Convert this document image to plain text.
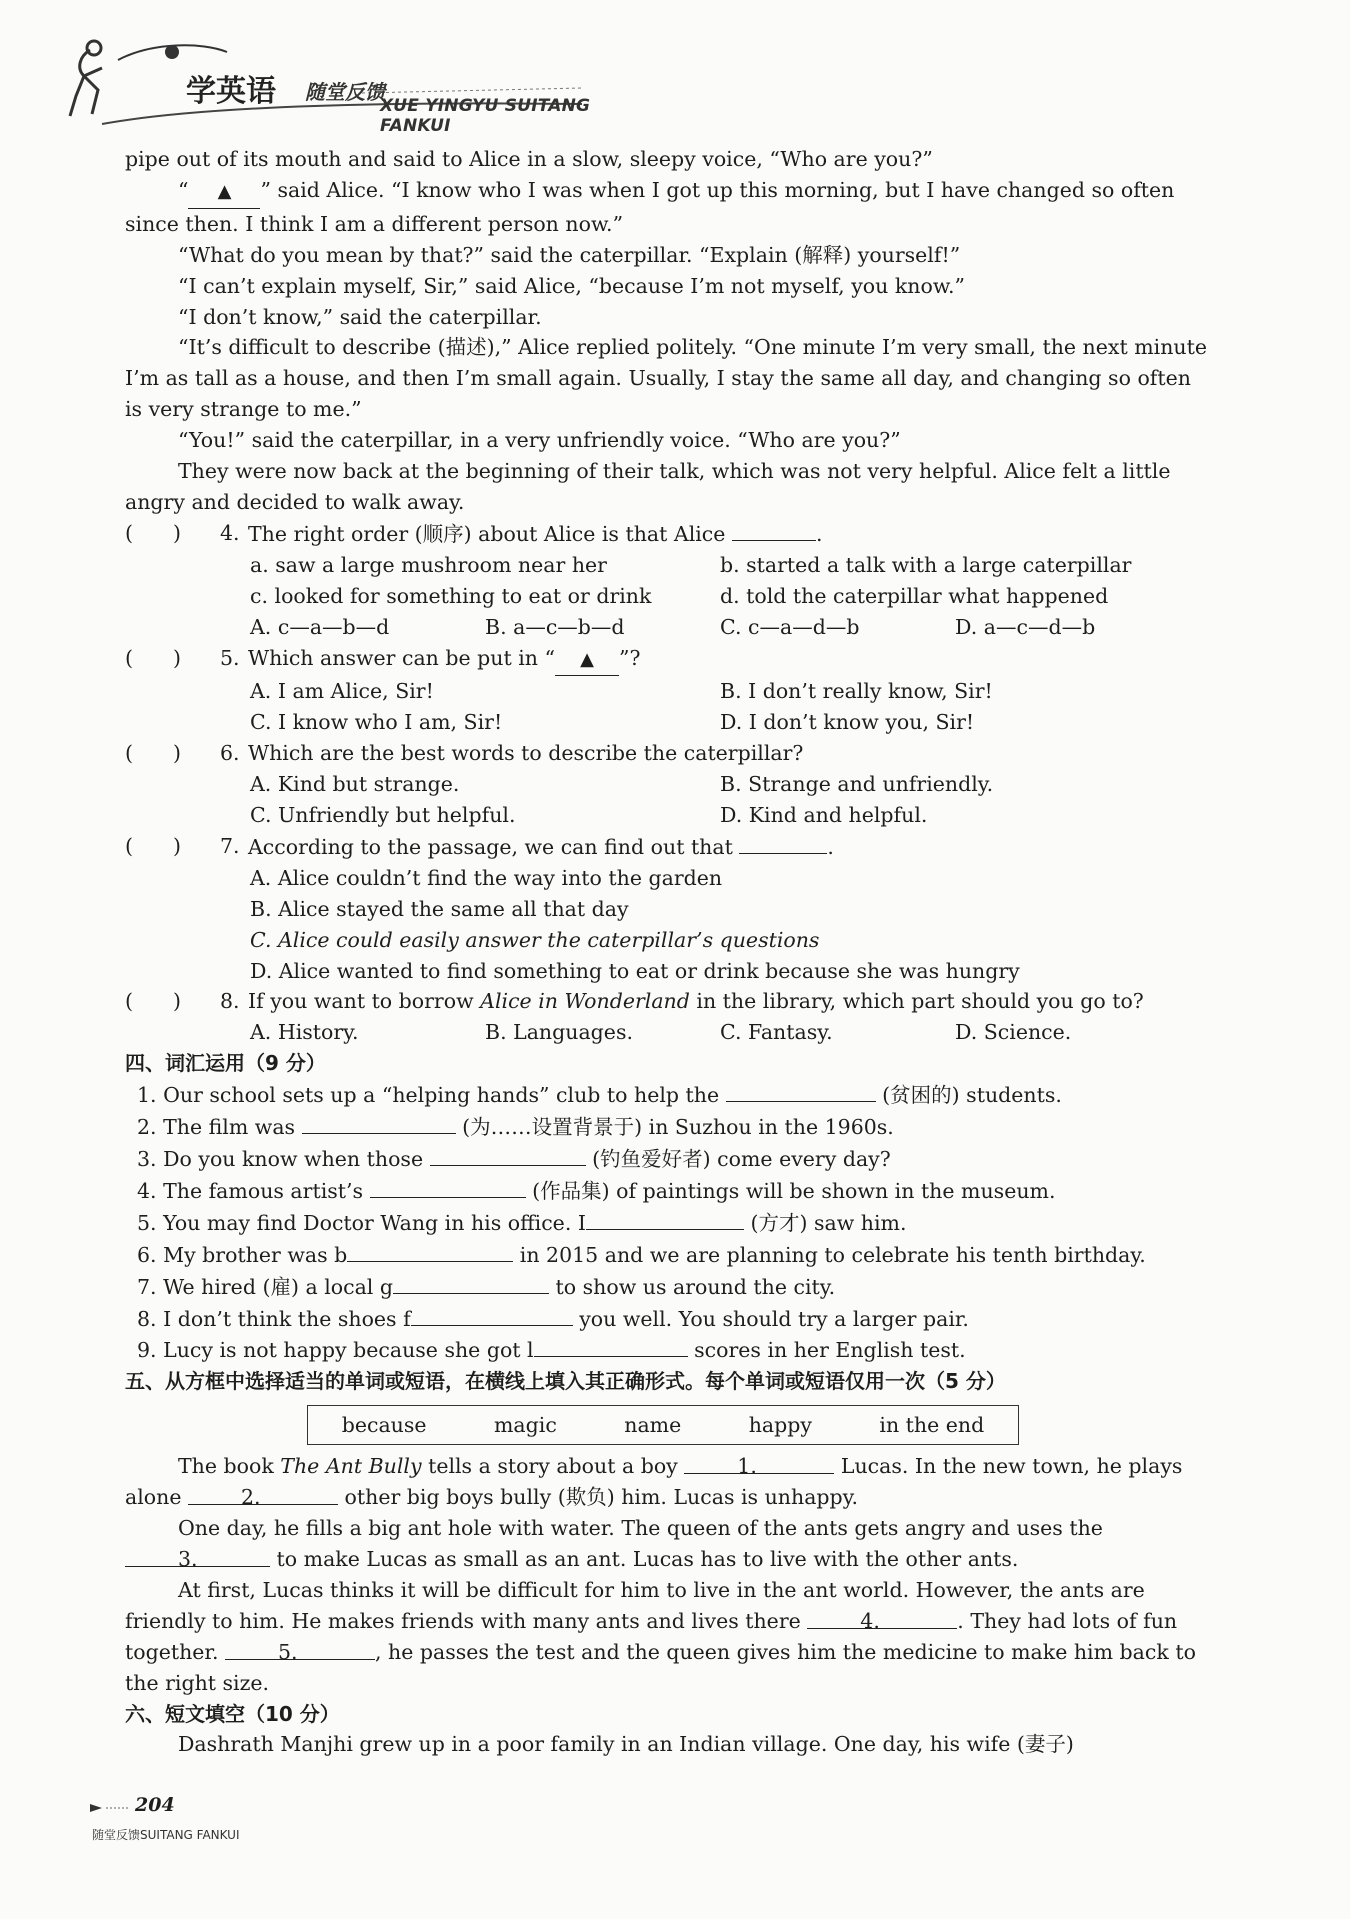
学英语 随堂反馈
XUE YINGYU SUITANG FANKUI

pipe out of its mouth and said to Alice in a slow, sleepy voice, “Who are you?”

“ ▲ ” said Alice. “I know who I was when I got up this morning, but I have changed so often since then. I think I am a different person now.”

“What do you mean by that?” said the caterpillar. “Explain (解释) yourself!”

“I can’t explain myself, Sir,” said Alice, “because I’m not myself, you know.”

“I don’t know,” said the caterpillar.

“It’s difficult to describe (描述),” Alice replied politely. “One minute I’m very small, the next minute I’m as tall as a house, and then I’m small again. Usually, I stay the same all day, and changing so often is very strange to me.”

“You!” said the caterpillar, in a very unfriendly voice. “Who are you?”

They were now back at the beginning of their talk, which was not very helpful. Alice felt a little angry and decided to walk away.

( ) 4. The right order (顺序) about Alice is that Alice	.
a. saw a large mushroom near her	b. started a talk with a large caterpillar
c. looked for something to eat or drink	d. told the caterpillar what happened
A. c—a—b—d	B. a—c—b—d	C. c—a—d—b	D. a—c—d—b
( ) 5. Which answer can be put in “ ▲ ”?
A. I am Alice, Sir!	B. I don’t really know, Sir!
C. I know who I am, Sir!	D. I don’t know you, Sir!
( ) 6. Which are the best words to describe the caterpillar?
A. Kind but strange.	B. Strange and unfriendly.
C. Unfriendly but helpful.	D. Kind and helpful.
( ) 7. According to the passage, we can find out that	.
A. Alice couldn’t find the way into the garden
B. Alice stayed the same all that day
C. Alice could easily answer the caterpillar’s questions
D. Alice wanted to find something to eat or drink because she was hungry
( ) 8. If you want to borrow Alice in Wonderland in the library, which part should you go to?
A. History.	B. Languages.	C. Fantasy.	D. Science.

四、词汇运用（9 分）

1. Our school sets up a “helping hands” club to help the	(贫困的) students.

2. The film was	(为……设置背景于) in Suzhou in the 1960s.

3. Do you know when those	(钓鱼爱好者) come every day?

4. The famous artist’s	(作品集) of paintings will be shown in the museum.

5. You may find Doctor Wang in his office. I	(方才) saw him.

6. My brother was b	in 2015 and we are planning to celebrate his tenth birthday.

7. We hired (雇) a local g	to show us around the city.

8. I don’t think the shoes f	you well. You should try a larger pair.

9. Lucy is not happy because she got l	scores in her English test.

五、从方框中选择适当的单词或短语，在横线上填入其正确形式。每个单词或短语仅用一次（5 分）

because	magic	name	happy	in the end

The book The Ant Bully tells a story about a boy	1.	Lucas. In the new town, he plays alone	2.	other big boys bully (欺负) him. Lucas is unhappy.

One day, he fills a big ant hole with water. The queen of the ants gets angry and uses the 3.	to make Lucas as small as an ant. Lucas has to live with the other ants.

At first, Lucas thinks it will be difficult for him to live in the ant world. However, the ants are friendly to him. He makes friends with many ants and lives there	4.	. They had lots of fun together.	5.	, he passes the test and the queen gives him the medicine to make him back to the right size.

六、短文填空（10 分）

Dashrath Manjhi grew up in a poor family in an Indian village. One day, his wife (妻子)

204
随堂反馈SUITANG FANKUI
